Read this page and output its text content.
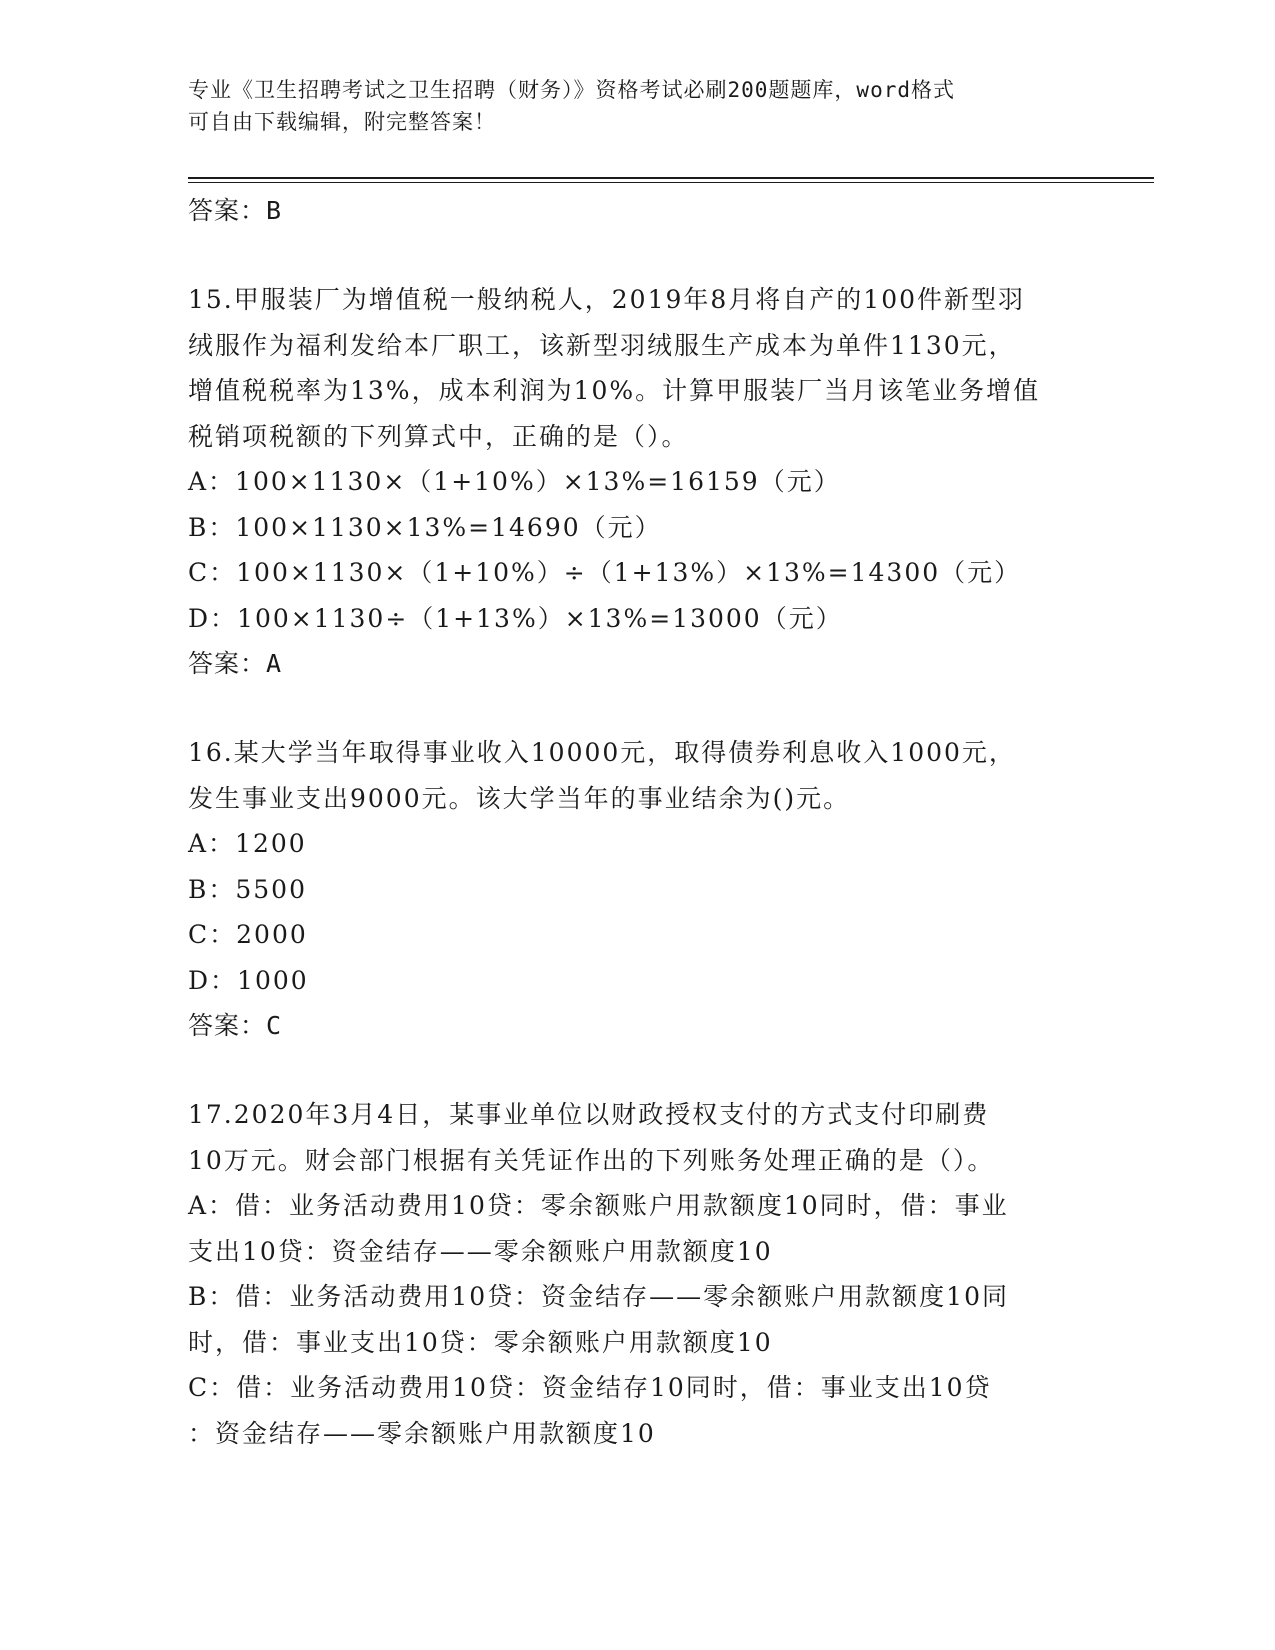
专业《卫生招聘考试之卫生招聘（财务）》资格考试必刷200题题库，word格式
可自由下载编辑，附完整答案！
答案：B
15.甲服装厂为增值税一般纳税人，2019年8月将自产的100件新型羽
绒服作为福利发给本厂职工，该新型羽绒服生产成本为单件1130元，
增值税税率为13%，成本利润为10%。计算甲服装厂当月该笔业务增值
税销项税额的下列算式中，正确的是（）。
A：100×1130×（1+10%）×13%=16159（元）
B：100×1130×13%=14690（元）
C：100×1130×（1+10%）÷（1+13%）×13%=14300（元）
D：100×1130÷（1+13%）×13%=13000（元）
答案：A
16.某大学当年取得事业收入10000元，取得债券利息收入1000元，
发生事业支出9000元。该大学当年的事业结余为()元。
A：1200
B：5500
C：2000
D：1000
答案：C
17.2020年3月4日，某事业单位以财政授权支付的方式支付印刷费
10万元。财会部门根据有关凭证作出的下列账务处理正确的是（）。
A：借：业务活动费用10贷：零余额账户用款额度10同时，借：事业
支出10贷：资金结存——零余额账户用款额度10
B：借：业务活动费用10贷：资金结存——零余额账户用款额度10同
时，借：事业支出10贷：零余额账户用款额度10
C：借：业务活动费用10贷：资金结存10同时，借：事业支出10贷
：资金结存——零余额账户用款额度10
